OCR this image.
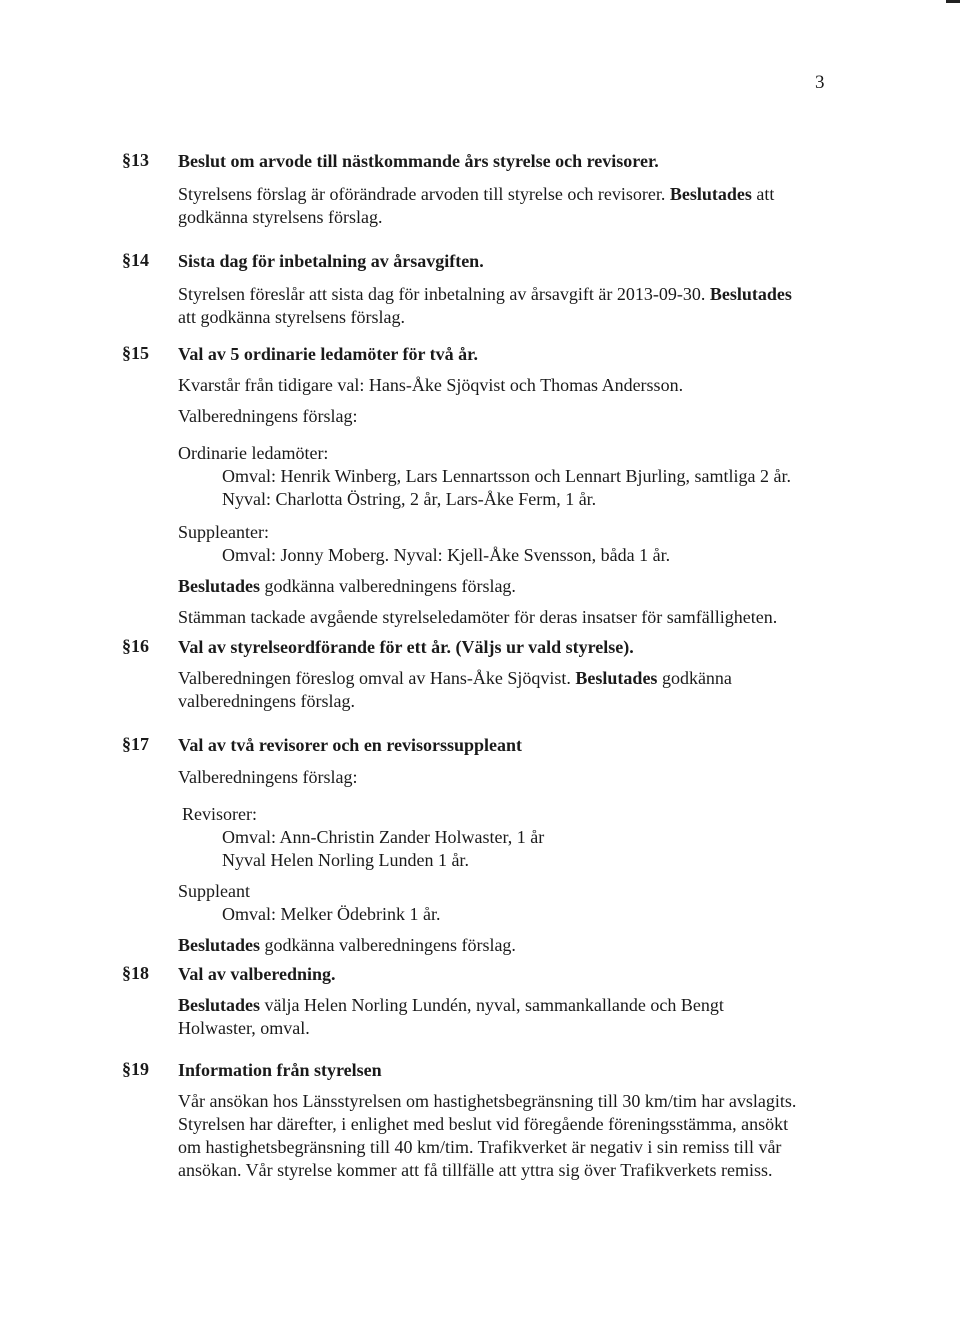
3
§13 Beslut om arvode till nästkommande års styrelse och revisorer.
Styrelsens förslag är oförändrade arvoden till styrelse och revisorer. Beslutades att
godkänna styrelsens förslag.
§14 Sista dag för inbetalning av årsavgiften.
Styrelsen föreslår att sista dag för inbetalning av årsavgift är 2013-09-30. Beslutades
att godkänna styrelsens förslag.
§15 Val av 5 ordinarie ledamöter för två år.
Kvarstår från tidigare val: Hans-Åke Sjöqvist och Thomas Andersson.
Valberedningens förslag:
Ordinarie ledamöter:
Omval: Henrik Winberg, Lars Lennartsson och Lennart Bjurling, samtliga 2 år.
Nyval: Charlotta Östring, 2 år, Lars-Åke Ferm, 1 år.
Suppleanter:
Omval: Jonny Moberg. Nyval: Kjell-Åke Svensson, båda 1 år.
Beslutades godkänna valberedningens förslag.
Stämman tackade avgående styrelseledamöter för deras insatser för samfälligheten.
§16 Val av styrelseordförande för ett år. (Väljs ur vald styrelse).
Valberedningen föreslog omval av Hans-Åke Sjöqvist. Beslutades godkänna
valberedningens förslag.
§17 Val av två revisorer och en revisorssuppleant
Valberedningens förslag:
Revisorer:
Omval: Ann-Christin Zander Holwaster, 1 år
Nyval Helen Norling Lunden 1 år.
Suppleant
Omval: Melker Ödebrink 1 år.
Beslutades godkänna valberedningens förslag.
§18 Val av valberedning.
Beslutades välja Helen Norling Lundén, nyval, sammankallande och Bengt
Holwaster, omval.
§19 Information från styrelsen
Vår ansökan hos Länsstyrelsen om hastighetsbegränsning till 30 km/tim har avslagits.
Styrelsen har därefter, i enlighet med beslut vid föregående föreningsstämma, ansökt
om hastighetsbegränsning till 40 km/tim. Trafikverket är negativ i sin remiss till vår
ansökan. Vår styrelse kommer att få tillfälle att yttra sig över Trafikverkets remiss.
